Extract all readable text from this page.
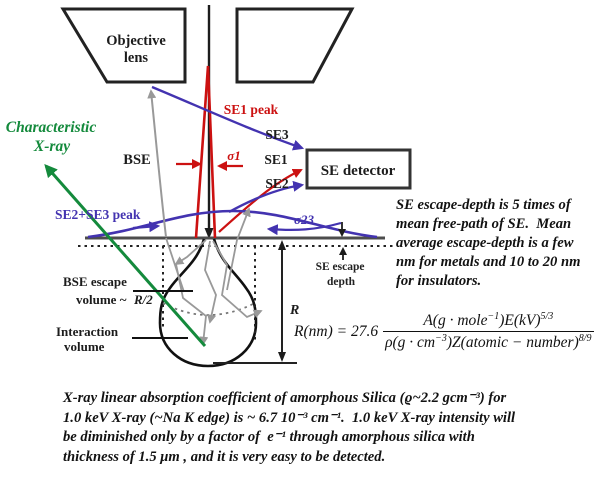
Objective
lens
SE detector
SE1 peak
σ1
SE3
SE1
SE2
σ23
SE2+SE3 peak
BSE
Characteristic
X-ray
BSE escape
volume ~ R/2
Interaction
volume
SE escape
depth
R
SE escape-depth is 5 times of
mean free-path of SE.  Mean
average escape-depth is a few
nm for metals and 10 to 20 nm
for insulators.
$R(nm) = 27.6 \frac{A(g \cdot mole^{-1})E(kV)^{5/3}}{\rho(g \cdot cm^{-3})Z(atomic - number)^{8/9}}$
X-ray linear absorption coefficient of amorphous Silica (ϱ~2.2 gcm⁻³) for
1.0 keV X-ray (~Na K edge) is ~ 6.7 10⁻³ cm⁻¹.  1.0 keV X-ray intensity will
be diminished only by a factor of  e⁻¹ through amorphous silica with
thickness of 1.5 μm , and it is very easy to be detected.
